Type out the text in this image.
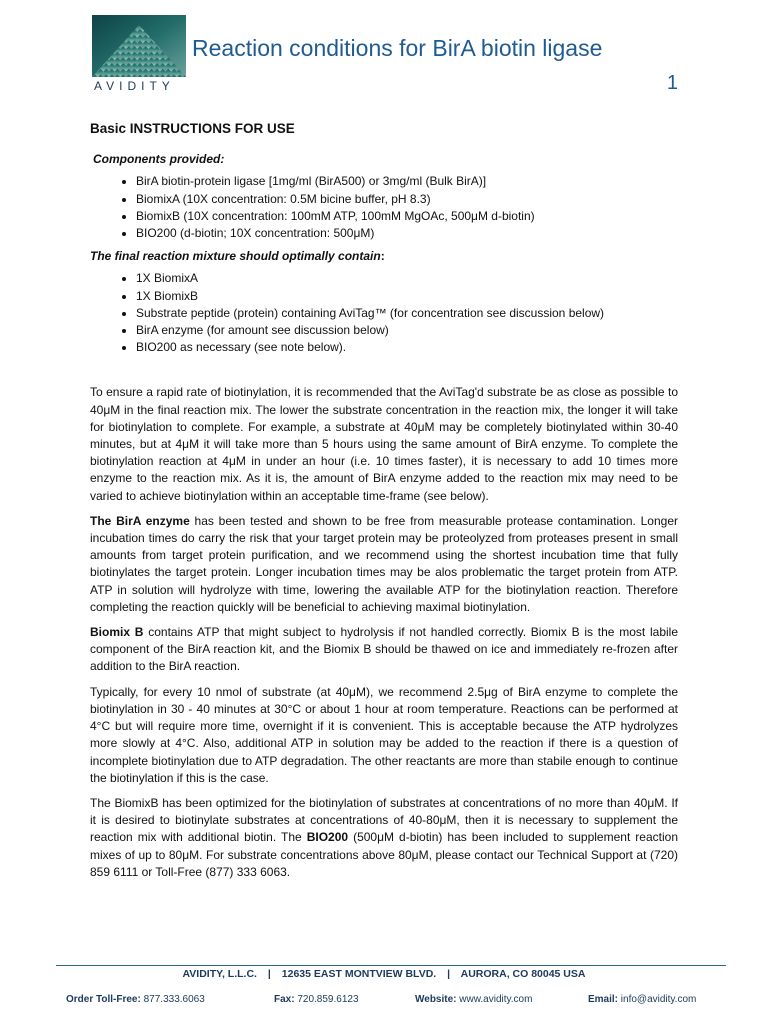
AVIDITY
Reaction conditions for BirA biotin ligase
1
Basic INSTRUCTIONS FOR USE
Components provided:
• BirA biotin-protein ligase [1mg/ml (BirA500) or 3mg/ml (Bulk BirA)]
• BiomixA (10X concentration: 0.5M bicine buffer, pH 8.3)
• BiomixB (10X concentration: 100mM ATP, 100mM MgOAc, 500μM d-biotin)
• BIO200 (d-biotin; 10X concentration: 500μM)
The final reaction mixture should optimally contain:
• 1X BiomixA
• 1X BiomixB
• Substrate peptide (protein) containing AviTag™ (for concentration see discussion below)
• BirA enzyme (for amount see discussion below)
• BIO200 as necessary (see note below).

To ensure a rapid rate of biotinylation, it is recommended that the AviTag'd substrate be as close as possible to 40μM in the final reaction mix. The lower the substrate concentration in the reaction mix, the longer it will take for biotinylation to complete. For example, a substrate at 40μM may be completely biotinylated within 30-40 minutes, but at 4μM it will take more than 5 hours using the same amount of BirA enzyme. To complete the biotinylation reaction at 4μM in under an hour (i.e. 10 times faster), it is necessary to add 10 times more enzyme to the reaction mix. As it is, the amount of BirA enzyme added to the reaction mix may need to be varied to achieve biotinylation within an acceptable time-frame (see below).

The BirA enzyme has been tested and shown to be free from measurable protease contamination. Longer incubation times do carry the risk that your target protein may be proteolyzed from proteases present in small amounts from target protein purification, and we recommend using the shortest incubation time that fully biotinylates the target protein. Longer incubation times may be alos problematic the target protein from ATP. ATP in solution will hydrolyze with time, lowering the available ATP for the biotinylation reaction. Therefore completing the reaction quickly will be beneficial to achieving maximal biotinylation.

Biomix B contains ATP that might subject to hydrolysis if not handled correctly. Biomix B is the most labile component of the BirA reaction kit, and the Biomix B should be thawed on ice and immediately re-frozen after addition to the BirA reaction.

Typically, for every 10 nmol of substrate (at 40μM), we recommend 2.5μg of BirA enzyme to complete the biotinylation in 30 - 40 minutes at 30°C or about 1 hour at room temperature. Reactions can be performed at 4°C but will require more time, overnight if it is convenient. This is acceptable because the ATP hydrolyzes more slowly at 4°C. Also, additional ATP in solution may be added to the reaction if there is a question of incomplete biotinylation due to ATP degradation. The other reactants are more than stabile enough to continue the biotinylation if this is the case.

The BiomixB has been optimized for the biotinylation of substrates at concentrations of no more than 40μM. If it is desired to biotinylate substrates at concentrations of 40-80μM, then it is necessary to supplement the reaction mix with additional biotin. The BIO200 (500μM d-biotin) has been included to supplement reaction mixes of up to 80μM. For substrate concentrations above 80μM, please contact our Technical Support at (720) 859 6111 or Toll-Free (877) 333 6063.

AVIDITY, L.L.C. | 12635 EAST MONTVIEW BLVD. | AURORA, CO 80045 USA
Order Toll-Free: 877.333.6063	Fax: 720.859.6123	Website: www.avidity.com	Email: info@avidity.com
